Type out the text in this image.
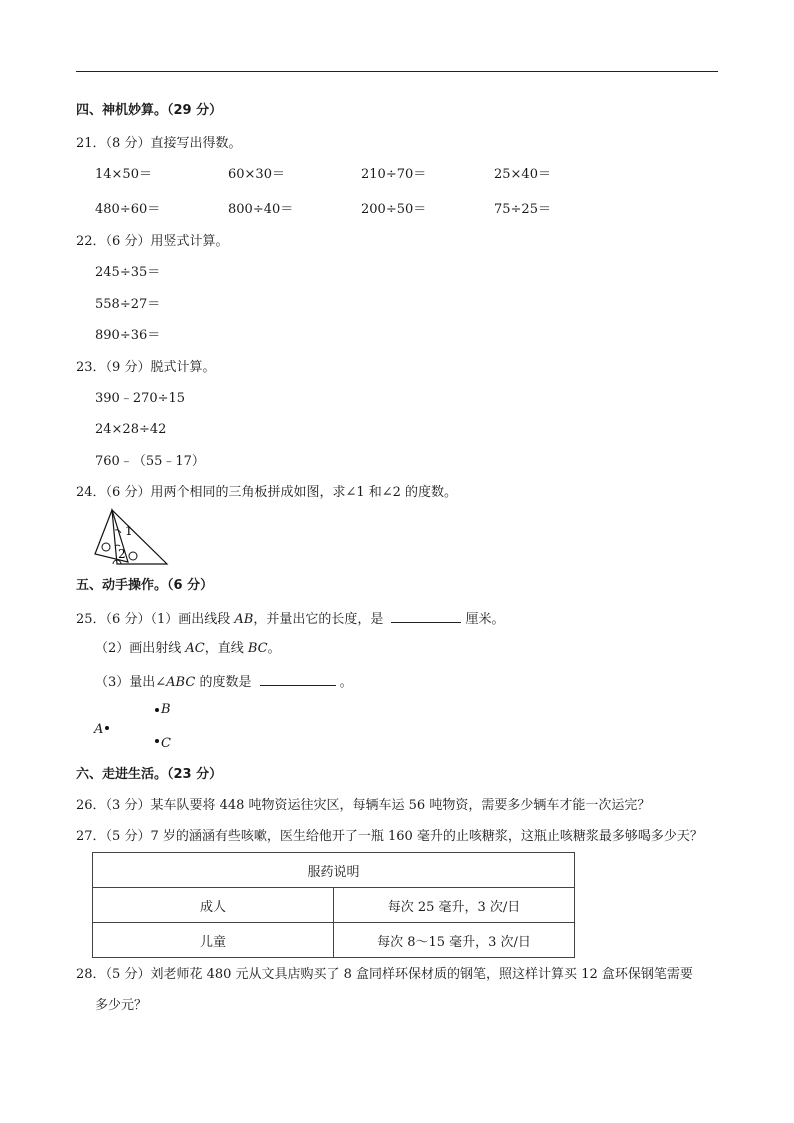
四、神机妙算。（29 分）
21．（8 分）直接写出得数。
14×50＝	60×30＝	210÷70＝	25×40＝
480÷60＝	800÷40＝	200÷50＝	75÷25＝
22．（6 分）用竖式计算。
245÷35＝
558÷27＝
890÷36＝
23．（9 分）脱式计算。
390﹣270÷15
24×28÷42
760﹣（55﹣17）
24．（6 分）用两个相同的三角板拼成如图，求∠1 和∠2 的度数。
1
2
五、动手操作。（6 分）
25．（6 分）（1）画出线段 AB，并量出它的长度，是	厘米。
（2）画出射线 AC，直线 BC。
（3）量出∠ABC 的度数是	。
B
A
C
六、走进生活。（23 分）
26．（3 分）某车队要将 448 吨物资运往灾区，每辆车运 56 吨物资，需要多少辆车才能一次运完？
27．（5 分）7 岁的涵涵有些咳嗽，医生给他开了一瓶 160 毫升的止咳糖浆，这瓶止咳糖浆最多够喝多少天？
服药说明	
成人	每次 25 毫升，3 次/日
儿童	每次 8～15 毫升，3 次/日
28．（5 分）刘老师花 480 元从文具店购买了 8 盒同样环保材质的钢笔，照这样计算买 12 盒环保钢笔需要
多少元？
